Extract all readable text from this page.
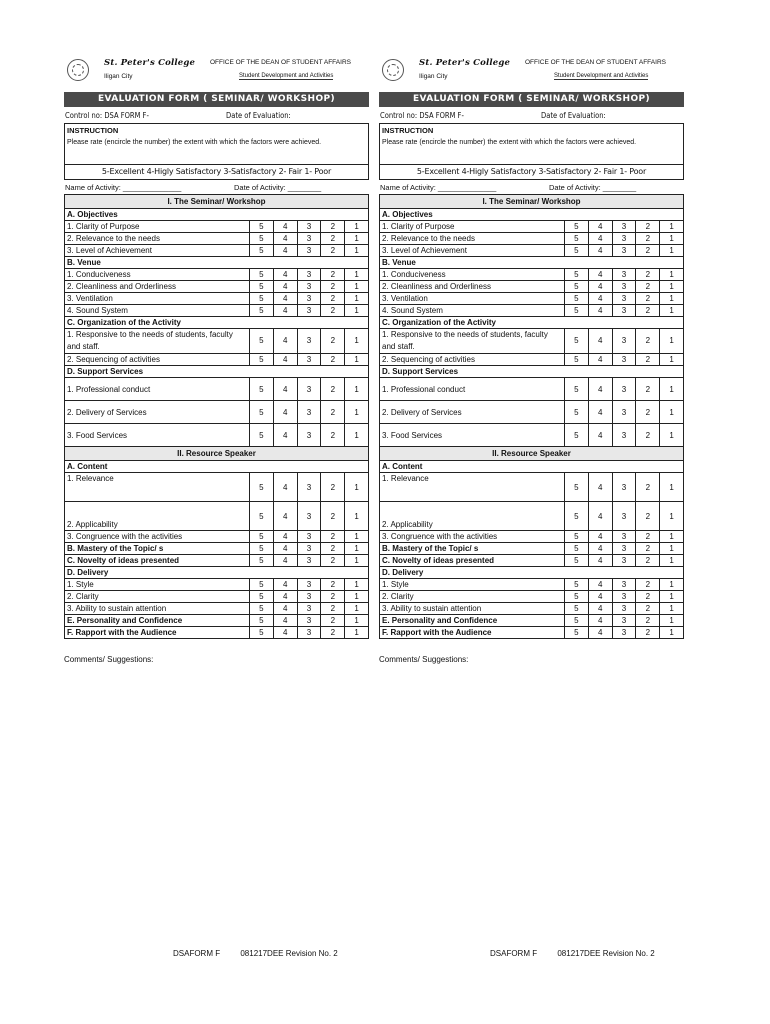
St. Peter's College
Iligan City
OFFICE OF THE DEAN OF STUDENT AFFAIRS
Student Development and Activities
EVALUATION FORM ( SEMINAR/ WORKSHOP)
Control no: DSA FORM F-	Date of Evaluation:
INSTRUCTION
Please rate (encircle the number) the extent with which the factors were achieved.
5-Excellent 4-Higly Satisfactory 3-Satisfactory 2- Fair 1- Poor
Name of Activity: ______________	Date of Activity: ________
I. The Seminar/ Workshop					
A. Objectives					
1. Clarity of Purpose	5	4	3	2	1
2. Relevance to the needs	5	4	3	2	1
3. Level of Achievement	5	4	3	2	1
B. Venue					
1. Conduciveness	5	4	3	2	1
2. Cleanliness and Orderliness	5	4	3	2	1
3. Ventilation	5	4	3	2	1
4. Sound System	5	4	3	2	1
C. Organization of the Activity					
1. Responsive to the needs of students, faculty and staff.	5	4	3	2	1
2. Sequencing of activities	5	4	3	2	1
D. Support Services					
1. Professional conduct	5	4	3	2	1
2. Delivery of Services	5	4	3	2	1
3. Food Services	5	4	3	2	1
II. Resource Speaker					
A. Content					
1. Relevance	5	4	3	2	1
2. Applicability	5	4	3	2	1
3. Congruence with the activities	5	4	3	2	1
B. Mastery of the Topic/ s	5	4	3	2	1
C. Novelty of ideas presented	5	4	3	2	1
D. Delivery					
1. Style	5	4	3	2	1
2. Clarity	5	4	3	2	1
3. Ability to sustain attention	5	4	3	2	1
E. Personality and Confidence	5	4	3	2	1
F. Rapport with the Audience	5	4	3	2	1
Comments/ Suggestions:
St. Peter's College
Iligan City
OFFICE OF THE DEAN OF STUDENT AFFAIRS
Student Development and Activities
EVALUATION FORM ( SEMINAR/ WORKSHOP)
Control no: DSA FORM F-	Date of Evaluation:
INSTRUCTION
Please rate (encircle the number) the extent with which the factors were achieved.
5-Excellent 4-Higly Satisfactory 3-Satisfactory 2- Fair 1- Poor
Name of Activity: ______________	Date of Activity: ________
I. The Seminar/ Workshop					
A. Objectives					
1. Clarity of Purpose	5	4	3	2	1
2. Relevance to the needs	5	4	3	2	1
3. Level of Achievement	5	4	3	2	1
B. Venue					
1. Conduciveness	5	4	3	2	1
2. Cleanliness and Orderliness	5	4	3	2	1
3. Ventilation	5	4	3	2	1
4. Sound System	5	4	3	2	1
C. Organization of the Activity					
1. Responsive to the needs of students, faculty and staff.	5	4	3	2	1
2. Sequencing of activities	5	4	3	2	1
D. Support Services					
1. Professional conduct	5	4	3	2	1
2. Delivery of Services	5	4	3	2	1
3. Food Services	5	4	3	2	1
II. Resource Speaker					
A. Content					
1. Relevance	5	4	3	2	1
2. Applicability	5	4	3	2	1
3. Congruence with the activities	5	4	3	2	1
B. Mastery of the Topic/ s	5	4	3	2	1
C. Novelty of ideas presented	5	4	3	2	1
D. Delivery					
1. Style	5	4	3	2	1
2. Clarity	5	4	3	2	1
3. Ability to sustain attention	5	4	3	2	1
E. Personality and Confidence	5	4	3	2	1
F. Rapport with the Audience	5	4	3	2	1
Comments/ Suggestions:
DSAFORM F	081217DEE Revision No. 2	DSAFORM F	081217DEE Revision No. 2
